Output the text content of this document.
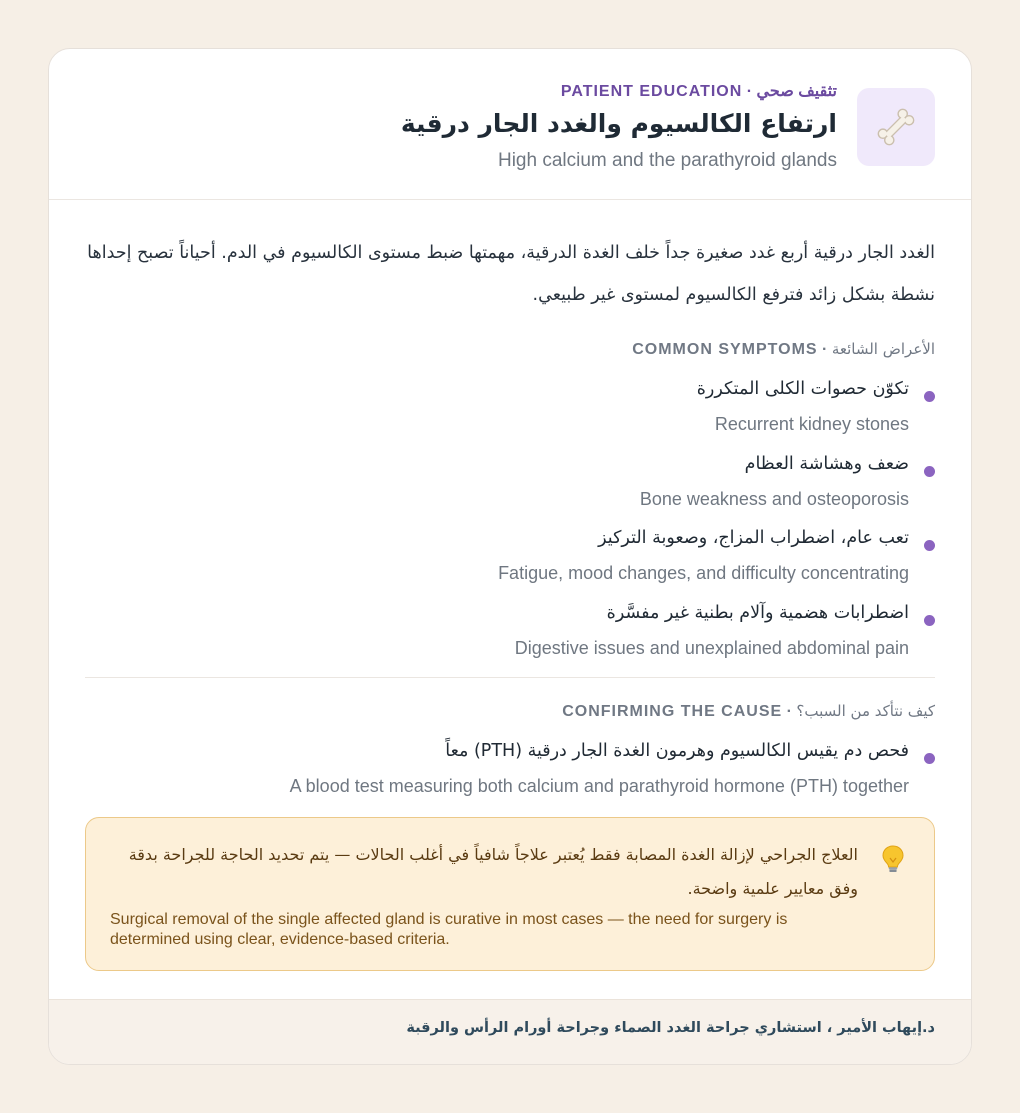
تثقيف صحي · PATIENT EDUCATION
ارتفاع الكالسيوم والغدد الجار درقية
High calcium and the parathyroid glands
الغدد الجار درقية أربع غدد صغيرة جداً خلف الغدة الدرقية، مهمتها ضبط مستوى الكالسيوم في الدم. أحياناً تصبح إحداها نشطة بشكل زائد فترفع الكالسيوم لمستوى غير طبيعي.
الأعراض الشائعة · COMMON SYMPTOMS
تكوّن حصوات الكلى المتكررة
Recurrent kidney stones
ضعف وهشاشة العظام
Bone weakness and osteoporosis
تعب عام، اضطراب المزاج، وصعوبة التركيز
Fatigue, mood changes, and difficulty concentrating
اضطرابات هضمية وآلام بطنية غير مفسَّرة
Digestive issues and unexplained abdominal pain
كيف نتأكد من السبب؟ · CONFIRMING THE CAUSE
فحص دم يقيس الكالسيوم وهرمون الغدة الجار درقية (PTH) معاً
A blood test measuring both calcium and parathyroid hormone (PTH) together
العلاج الجراحي لإزالة الغدة المصابة فقط يُعتبر علاجاً شافياً في أغلب الحالات — يتم تحديد الحاجة للجراحة بدقة وفق معايير علمية واضحة.
Surgical removal of the single affected gland is curative in most cases — the need for surgery is determined using clear, evidence-based criteria.
د.إيهاب الأمير ، استشاري جراحة الغدد الصماء وجراحة أورام الرأس والرقبة
